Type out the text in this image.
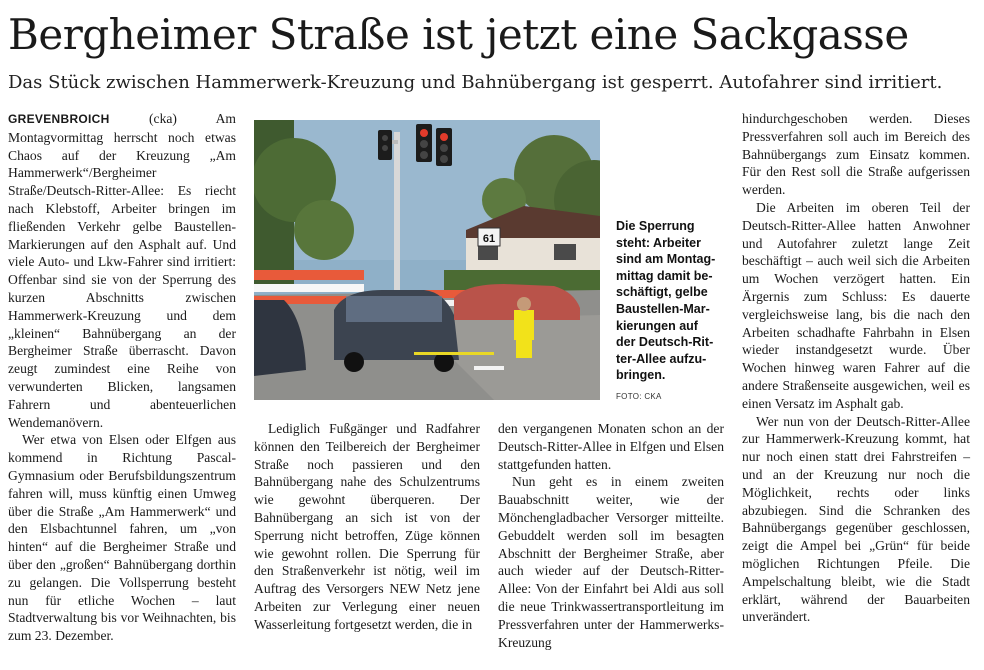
Bergheimer Straße ist jetzt eine Sackgasse

Das Stück zwischen Hammerwerk-Kreuzung und Bahnübergang ist gesperrt. Autofahrer sind irritiert.

GREVENBROICH	(cka) Am Montagvormittag herrscht noch etwas Chaos auf der Kreuzung „Am Hammerwerk“/Bergheimer Straße/Deutsch-Ritter-Allee: Es riecht nach Klebstoff, Arbeiter bringen im fließenden Verkehr gelbe Baustellen-Markierungen auf den Asphalt auf. Und viele Auto- und Lkw-Fahrer sind irritiert: Offenbar sind sie von der Sperrung des kurzen Abschnitts zwischen Hammerwerk-Kreuzung und dem „kleinen“ Bahnübergang an der Bergheimer Straße überrascht. Davon zeugt zumindest eine Reihe von verwunderten Blicken, langsamen Fahrern und abenteuerlichen Wendemanövern.

Wer etwa von Elsen oder Elfgen aus kommend in Richtung Pascal-Gymnasium oder Berufsbildungszentrum fahren will, muss künftig einen Umweg über die Straße „Am Hammerwerk“ und den Elsbachtunnel fahren, um „von hinten“ auf die Bergheimer Straße und über den „großen“ Bahnübergang dorthin zu gelangen. Die Vollsperrung besteht nun für etliche Wochen – laut Stadtverwaltung bis vor Weihnachten, bis zum 23. Dezember.

61
Die Sperrung
steht: Arbeiter
sind am Montag-
mittag damit be-
schäftigt, gelbe
Baustellen-Mar-
kierungen auf
der Deutsch-Rit-
ter-Allee aufzu-
bringen.
FOTO: CKA

Lediglich Fußgänger und Radfahrer können den Teilbereich der Bergheimer Straße noch passieren und den Bahnübergang nahe des Schulzentrums wie gewohnt überqueren. Der Bahnübergang an sich ist von der Sperrung nicht betroffen, Züge können wie gewohnt rollen. Die Sperrung für den Straßenverkehr ist nötig, weil im Auftrag des Versorgers NEW Netz jene Arbeiten zur Verlegung einer neuen Wasserleitung fortgesetzt werden, die in

den vergangenen Monaten schon an der Deutsch-Ritter-Allee in Elfgen und Elsen stattgefunden hatten.

Nun geht es in einem zweiten Bauabschnitt weiter, wie der Mönchengladbacher Versorger mitteilte. Gebuddelt werden soll im besagten Abschnitt der Bergheimer Straße, aber auch wieder auf der Deutsch-Ritter-Allee: Von der Einfahrt bei Aldi aus soll die neue Trinkwassertransportleitung im Pressverfahren unter der Hammerwerks-Kreuzung

hindurchgeschoben werden. Dieses Pressverfahren soll auch im Bereich des Bahnübergangs zum Einsatz kommen. Für den Rest soll die Straße aufgerissen werden.

Die Arbeiten im oberen Teil der Deutsch-Ritter-Allee hatten Anwohner und Autofahrer zuletzt lange Zeit beschäftigt – auch weil sich die Arbeiten um Wochen verzögert hatten. Ein Ärgernis zum Schluss: Es dauerte vergleichsweise lang, bis die nach den Arbeiten schadhafte Fahrbahn in Elsen wieder instandgesetzt wurde. Über Wochen hinweg waren Fahrer auf die andere Straßenseite ausgewichen, weil es einen Versatz im Asphalt gab.

Wer nun von der Deutsch-Ritter-Allee zur Hammerwerk-Kreuzung kommt, hat nur noch einen statt drei Fahrstreifen – und an der Kreuzung nur noch die Möglichkeit, rechts oder links abzubiegen. Sind die Schranken des Bahnübergangs gegenüber geschlossen, zeigt die Ampel bei „Grün“ für beide möglichen Richtungen Pfeile. Die Ampelschaltung bleibt, wie die Stadt erklärt, während der Bauarbeiten unverändert.
